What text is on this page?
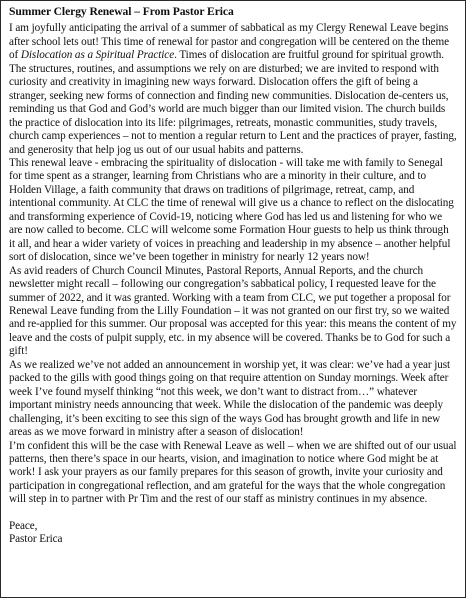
Summer Clergy Renewal – From Pastor Erica

I am joyfully anticipating the arrival of a summer of sabbatical as my Clergy Renewal Leave begins after school lets out! This time of renewal for pastor and congregation will be centered on the theme of Dislocation as a Spiritual Practice. Times of dislocation are fruitful ground for spiritual growth. The structures, routines, and assumptions we rely on are disturbed; we are invited to respond with curiosity and creativity in imagining new ways forward. Dislocation offers the gift of being a stranger, seeking new forms of connection and finding new communities. Dislocation de-centers us, reminding us that God and God’s world are much bigger than our limited vision. The church builds the practice of dislocation into its life: pilgrimages, retreats, monastic communities, study travels, church camp experiences – not to mention a regular return to Lent and the practices of prayer, fasting, and generosity that help jog us out of our usual habits and patterns.

This renewal leave - embracing the spirituality of dislocation - will take me with family to Senegal for time spent as a stranger, learning from Christians who are a minority in their culture, and to Holden Village, a faith community that draws on traditions of pilgrimage, retreat, camp, and intentional community. At CLC the time of renewal will give us a chance to reflect on the dislocating and transforming experience of Covid-19, noticing where God has led us and listening for who we are now called to become. CLC will welcome some Formation Hour guests to help us think through it all, and hear a wider variety of voices in preaching and leadership in my absence – another helpful sort of dislocation, since we’ve been together in ministry for nearly 12 years now!

As avid readers of Church Council Minutes, Pastoral Reports, Annual Reports, and the church newsletter might recall – following our congregation’s sabbatical policy, I requested leave for the summer of 2022, and it was granted. Working with a team from CLC, we put together a proposal for Renewal Leave funding from the Lilly Foundation – it was not granted on our first try, so we waited and re-applied for this summer. Our proposal was accepted for this year: this means the content of my leave and the costs of pulpit supply, etc. in my absence will be covered. Thanks be to God for such a gift!

As we realized we’ve not added an announcement in worship yet, it was clear: we’ve had a year just packed to the gills with good things going on that require attention on Sunday mornings. Week after week I’ve found myself thinking “not this week, we don’t want to distract from…” whatever important ministry needs announcing that week. While the dislocation of the pandemic was deeply challenging, it’s been exciting to see this sign of the ways God has brought growth and life in new areas as we move forward in ministry after a season of dislocation!

I’m confident this will be the case with Renewal Leave as well – when we are shifted out of our usual patterns, then there’s space in our hearts, vision, and imagination to notice where God might be at work! I ask your prayers as our family prepares for this season of growth, invite your curiosity and participation in congregational reflection, and am grateful for the ways that the whole congregation will step in to partner with Pr Tim and the rest of our staff as ministry continues in my absence.

Peace,
Pastor Erica
